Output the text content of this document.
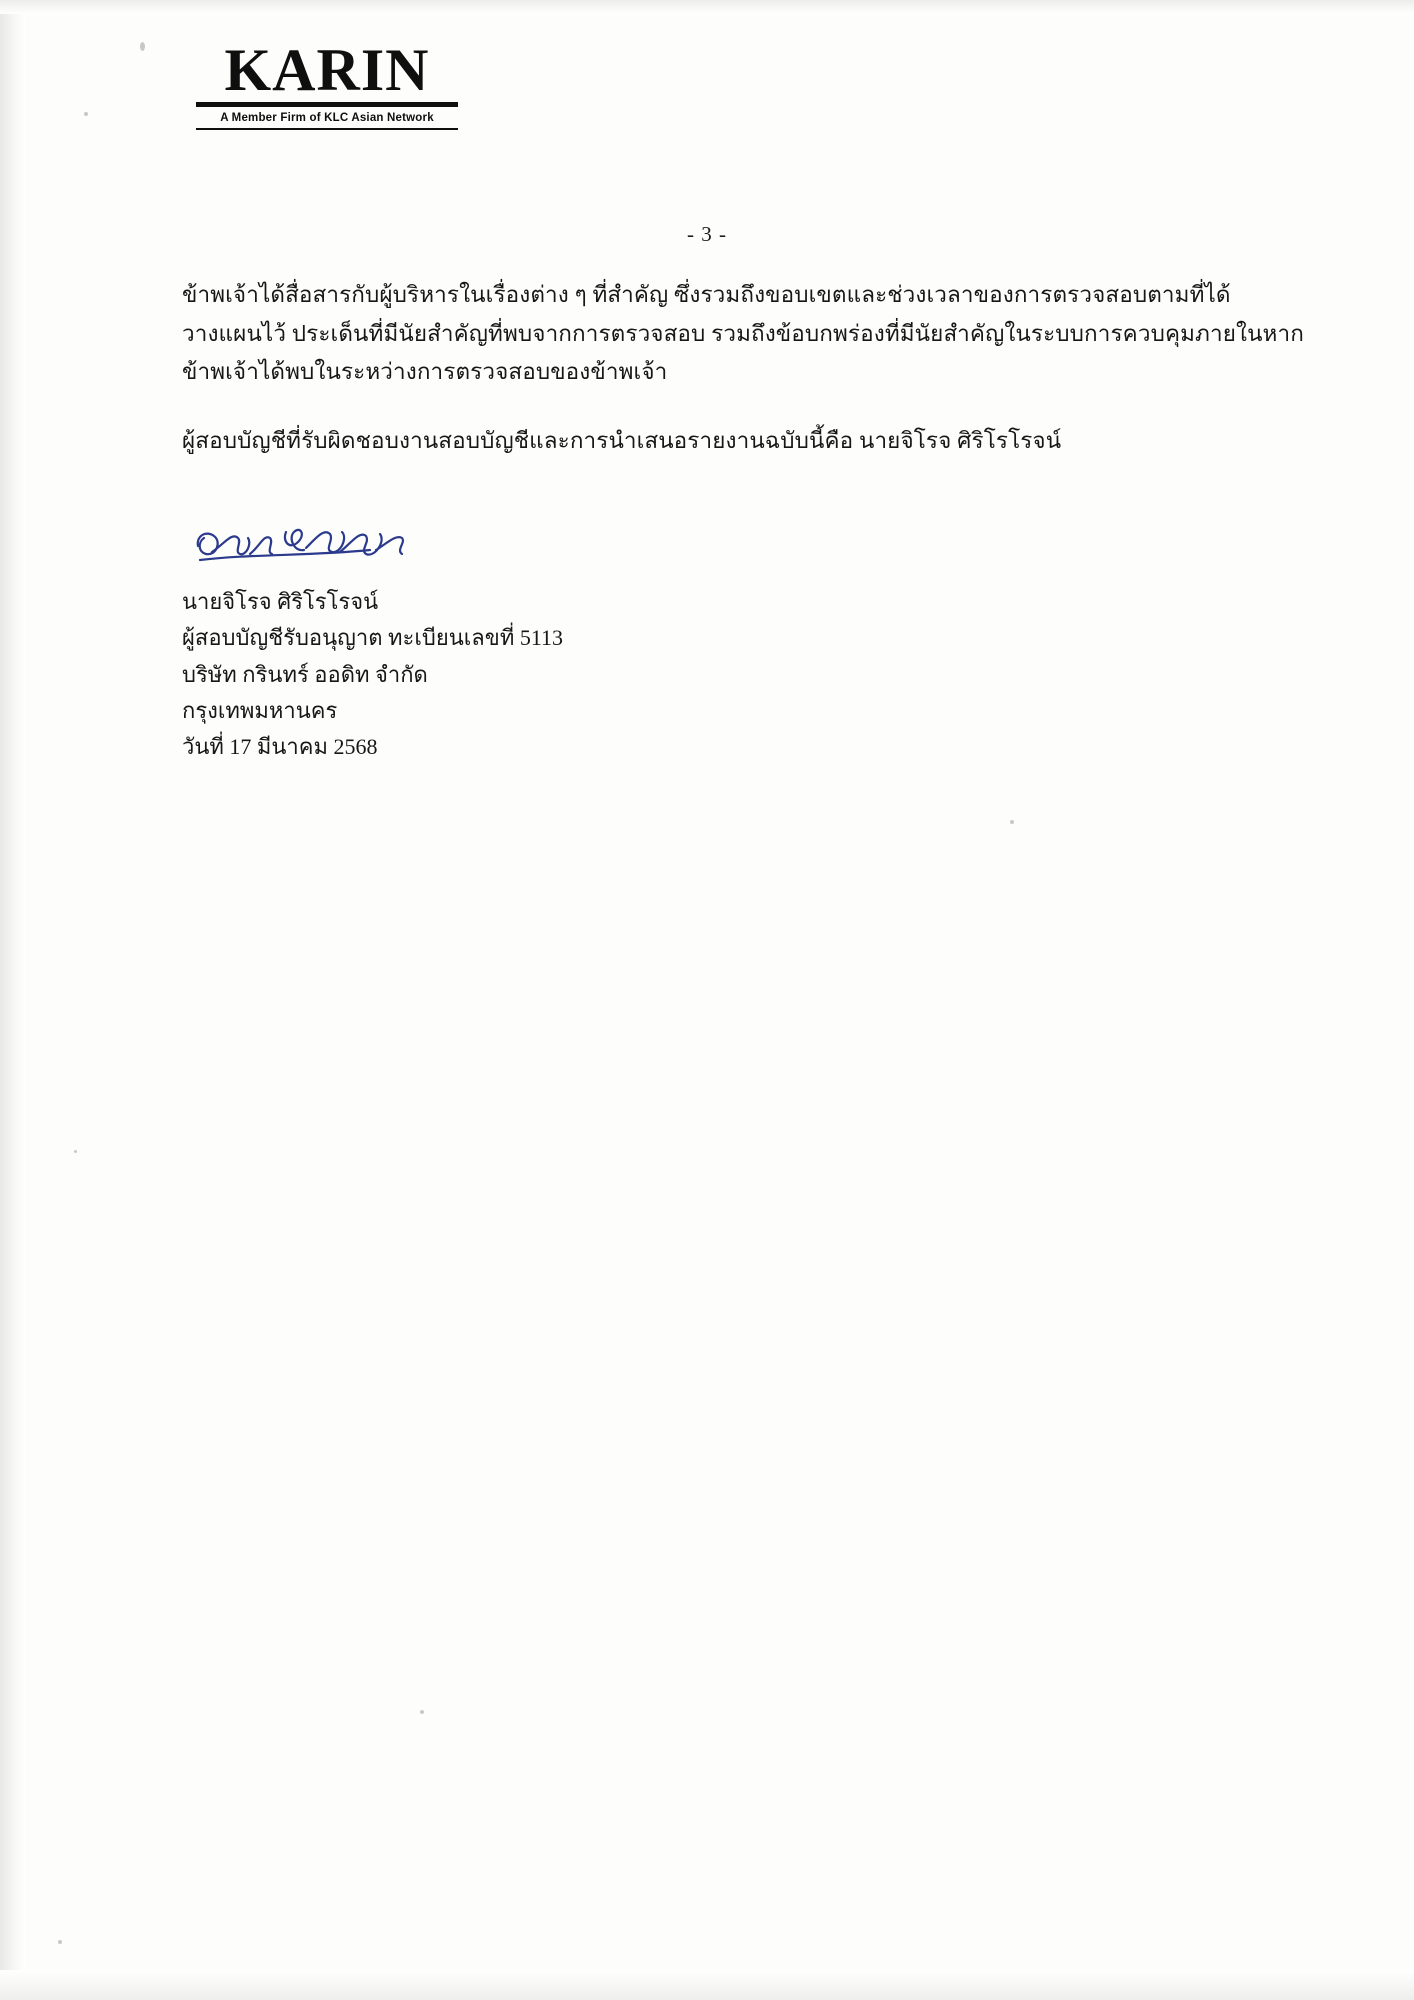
KARIN
A Member Firm of KLC Asian Network
- 3 -

ข้าพเจ้าได้สื่อสารกับผู้บริหารในเรื่องต่าง ๆ ที่สำคัญ ซึ่งรวมถึงขอบเขตและช่วงเวลาของการตรวจสอบตามที่ได้วางแผนไว้ ประเด็นที่มีนัยสำคัญที่พบจากการตรวจสอบ รวมถึงข้อบกพร่องที่มีนัยสำคัญในระบบการควบคุมภายในหากข้าพเจ้าได้พบในระหว่างการตรวจสอบของข้าพเจ้า

ผู้สอบบัญชีที่รับผิดชอบงานสอบบัญชีและการนำเสนอรายงานฉบับนี้คือ นายจิโรจ ศิริโรโรจน์

นายจิโรจ ศิริโรโรจน์
ผู้สอบบัญชีรับอนุญาต ทะเบียนเลขที่ 5113
บริษัท กรินทร์ ออดิท จำกัด
กรุงเทพมหานคร
วันที่ 17 มีนาคม 2568
